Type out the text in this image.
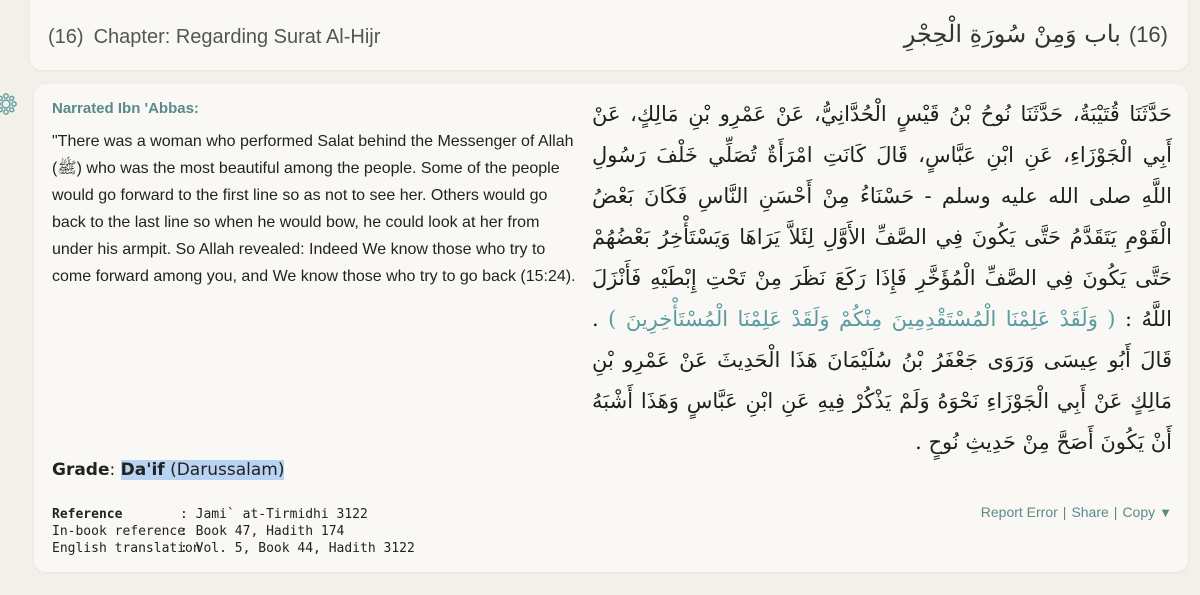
(16) Chapter: Regarding Surat Al-Hijr	(16)باب وَمِنْ سُورَةِ الْحِجْرِ
Narrated Ibn 'Abbas:
"There was a woman who performed Salat behind the Messenger of Allah (ﷺ) who was the most beautiful among the people. Some of the people would go forward to the first line so as not to see her. Others would go back to the last line so when he would bow, he could look at her from under his armpit. So Allah revealed: Indeed We know those who try to come forward among you, and We know those who try to go back (15:24).
حَدَّثَنَا قُتَيْبَةُ، حَدَّثَنَا نُوحُ بْنُ قَيْسٍ الْحُدَّانِيُّ، عَنْ عَمْرِو بْنِ مَالِكٍ، عَنْ أَبِي الْجَوْزَاءِ، عَنِ ابْنِ عَبَّاسٍ، قَالَ كَانَتِ امْرَأَةٌ تُصَلِّي خَلْفَ رَسُولِ اللَّهِ صلى الله عليه وسلم - حَسْنَاءُ مِنْ أَحْسَنِ النَّاسِ فَكَانَ بَعْضُ الْقَوْمِ يَتَقَدَّمُ حَتَّى يَكُونَ فِي الصَّفِّ الأَوَّلِ لِئَلاَّ يَرَاهَا وَيَسْتَأْخِرُ بَعْضُهُمْ حَتَّى يَكُونَ فِي الصَّفِّ الْمُؤَخَّرِ فَإِذَا رَكَعَ نَظَرَ مِنْ تَحْتِ إِبْطَيْهِ فَأَنْزَلَ اللَّهُ : ( وَلَقَدْ عَلِمْنَا الْمُسْتَقْدِمِينَ مِنْكُمْ وَلَقَدْ عَلِمْنَا الْمُسْتَأْخِرِينَ ) . قَالَ أَبُو عِيسَى وَرَوَى جَعْفَرُ بْنُ سُلَيْمَانَ هَذَا الْحَدِيثَ عَنْ عَمْرِو بْنِ مَالِكٍ عَنْ أَبِي الْجَوْزَاءِ نَحْوَهُ وَلَمْ يَذْكُرْ فِيهِ عَنِ ابْنِ عَبَّاسٍ وَهَذَا أَشْبَهُ أَنْ يَكُونَ أَصَحَّ مِنْ حَدِيثِ نُوحٍ .
Grade: Da'if (Darussalam)
Reference	: Jami` at-Tirmidhi 3122
In-book reference: Book 47, Hadith 174
English translation: Vol. 5, Book 44, Hadith 3122
Report Error | Share | Copy ▼
